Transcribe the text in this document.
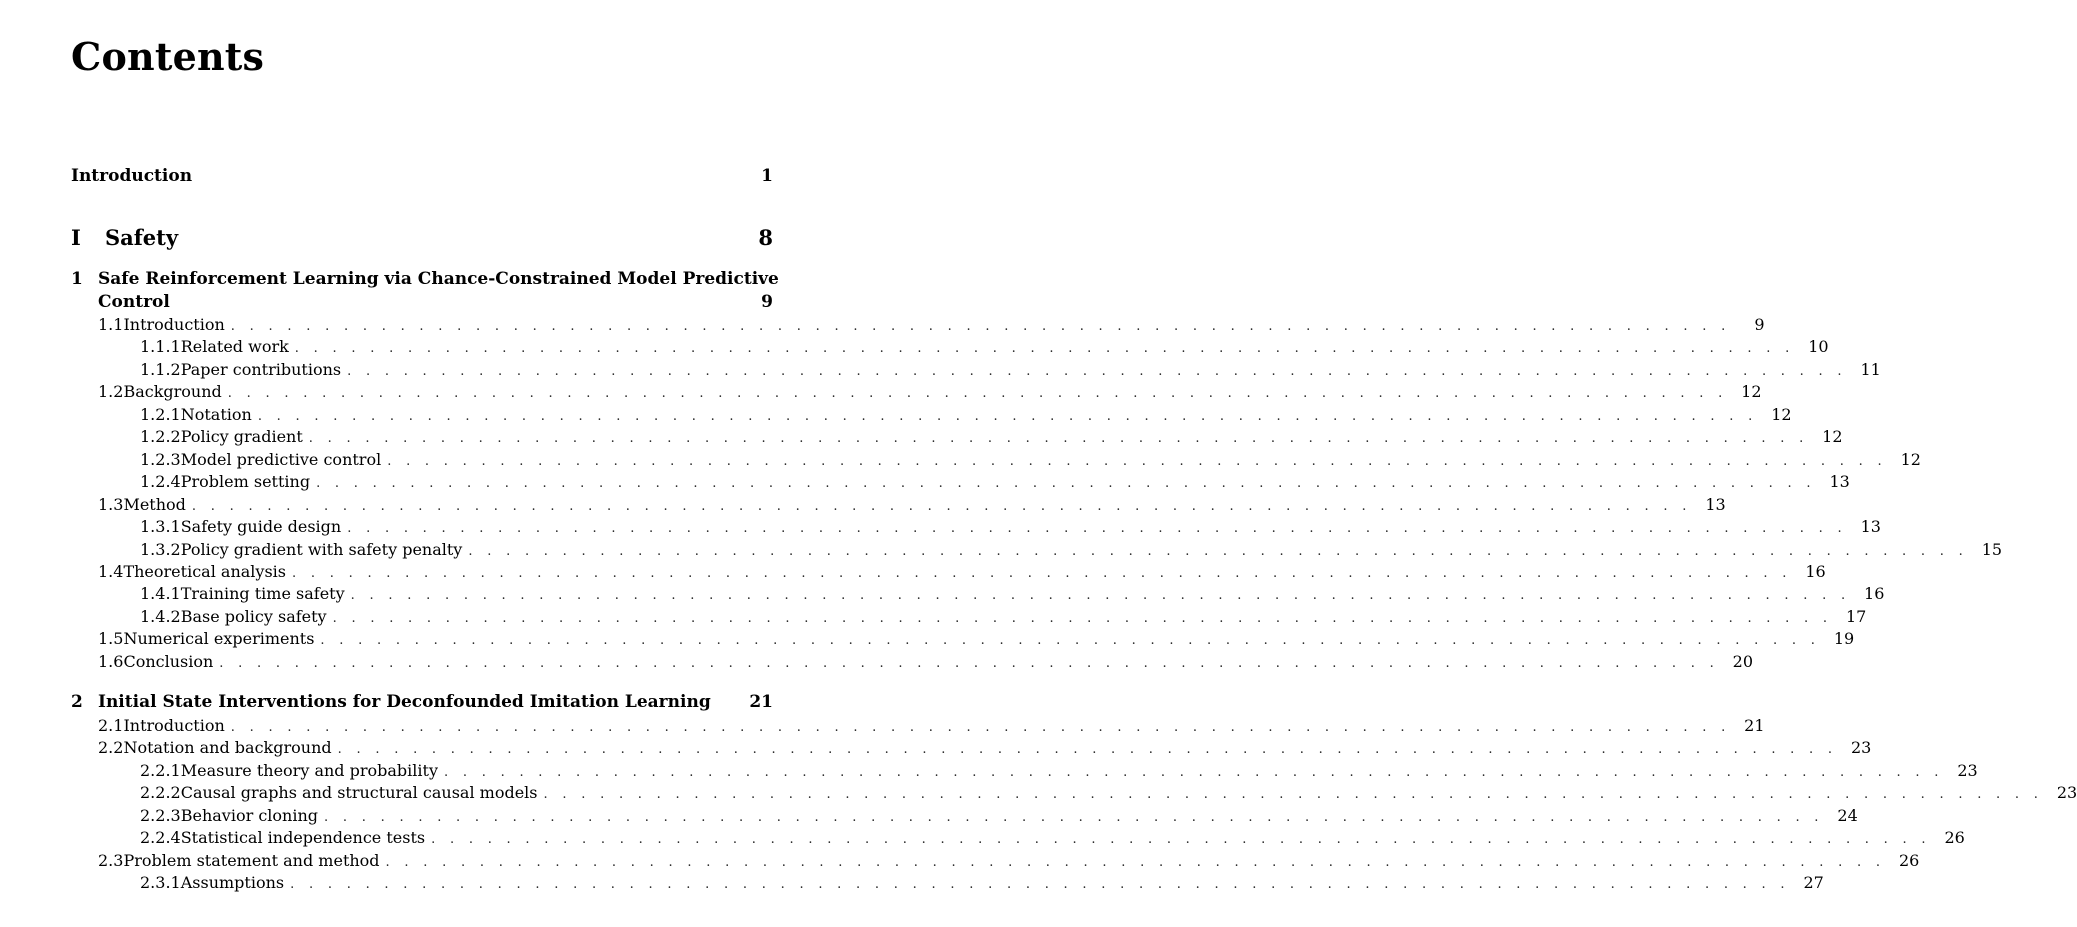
Contents
Introduction	1
I	Safety	8
1 Safe Reinforcement Learning via Chance-Constrained Model Predictive
Control	9
1.1 Introduction . . . . . . . . . . . . . . . . . . . . . . . . . . . . . . . . . . . . . . . . . . . . . . . . . . . . . . . . . . . . . . . . . . . . . . . . . . . . . . . .	9
1.1.1 Related work . . . . . . . . . . . . . . . . . . . . . . . . . . . . . . . . . . . . . . . . . . . . . . . . . . . . . . . . . . . . . . . . . . . . . . . . . . . . . . . . 10
1.1.2 Paper contributions . . . . . . . . . . . . . . . . . . . . . . . . . . . . . . . . . . . . . . . . . . . . . . . . . . . . . . . . . . . . . . . . . . . . . . . . . . . . . . . . 11
1.2 Background . . . . . . . . . . . . . . . . . . . . . . . . . . . . . . . . . . . . . . . . . . . . . . . . . . . . . . . . . . . . . . . . . . . . . . . . . . . . . . . . 12
1.2.1 Notation . . . . . . . . . . . . . . . . . . . . . . . . . . . . . . . . . . . . . . . . . . . . . . . . . . . . . . . . . . . . . . . . . . . . . . . . . . . . . . . . 12
1.2.2 Policy gradient . . . . . . . . . . . . . . . . . . . . . . . . . . . . . . . . . . . . . . . . . . . . . . . . . . . . . . . . . . . . . . . . . . . . . . . . . . . . . . . . 12
1.2.3 Model predictive control . . . . . . . . . . . . . . . . . . . . . . . . . . . . . . . . . . . . . . . . . . . . . . . . . . . . . . . . . . . . . . . . . . . . . . . . . . . . . . . . 12
1.2.4 Problem setting . . . . . . . . . . . . . . . . . . . . . . . . . . . . . . . . . . . . . . . . . . . . . . . . . . . . . . . . . . . . . . . . . . . . . . . . . . . . . . . . 13
1.3 Method . . . . . . . . . . . . . . . . . . . . . . . . . . . . . . . . . . . . . . . . . . . . . . . . . . . . . . . . . . . . . . . . . . . . . . . . . . . . . . . . 13
1.3.1 Safety guide design . . . . . . . . . . . . . . . . . . . . . . . . . . . . . . . . . . . . . . . . . . . . . . . . . . . . . . . . . . . . . . . . . . . . . . . . . . . . . . . . 13
1.3.2 Policy gradient with safety penalty . . . . . . . . . . . . . . . . . . . . . . . . . . . . . . . . . . . . . . . . . . . . . . . . . . . . . . . . . . . . . . . . . . . . . . . . . . . . . . . . 15
1.4 Theoretical analysis . . . . . . . . . . . . . . . . . . . . . . . . . . . . . . . . . . . . . . . . . . . . . . . . . . . . . . . . . . . . . . . . . . . . . . . . . . . . . . . . 16
1.4.1 Training time safety . . . . . . . . . . . . . . . . . . . . . . . . . . . . . . . . . . . . . . . . . . . . . . . . . . . . . . . . . . . . . . . . . . . . . . . . . . . . . . . . 16
1.4.2 Base policy safety . . . . . . . . . . . . . . . . . . . . . . . . . . . . . . . . . . . . . . . . . . . . . . . . . . . . . . . . . . . . . . . . . . . . . . . . . . . . . . . . 17
1.5 Numerical experiments . . . . . . . . . . . . . . . . . . . . . . . . . . . . . . . . . . . . . . . . . . . . . . . . . . . . . . . . . . . . . . . . . . . . . . . . . . . . . . . . 19
1.6 Conclusion . . . . . . . . . . . . . . . . . . . . . . . . . . . . . . . . . . . . . . . . . . . . . . . . . . . . . . . . . . . . . . . . . . . . . . . . . . . . . . . . 20
2 Initial State Interventions for Deconfounded Imitation Learning 21
2.1 Introduction . . . . . . . . . . . . . . . . . . . . . . . . . . . . . . . . . . . . . . . . . . . . . . . . . . . . . . . . . . . . . . . . . . . . . . . . . . . . . . . . 21
2.2 Notation and background . . . . . . . . . . . . . . . . . . . . . . . . . . . . . . . . . . . . . . . . . . . . . . . . . . . . . . . . . . . . . . . . . . . . . . . . . . . . . . . . 23
2.2.1 Measure theory and probability . . . . . . . . . . . . . . . . . . . . . . . . . . . . . . . . . . . . . . . . . . . . . . . . . . . . . . . . . . . . . . . . . . . . . . . . . . . . . . . . 23
2.2.2 Causal graphs and structural causal models . . . . . . . . . . . . . . . . . . . . . . . . . . . . . . . . . . . . . . . . . . . . . . . . . . . . . . . . . . . . . . . . . . . . . . . . . . . . . . . . 23
2.2.3 Behavior cloning . . . . . . . . . . . . . . . . . . . . . . . . . . . . . . . . . . . . . . . . . . . . . . . . . . . . . . . . . . . . . . . . . . . . . . . . . . . . . . . . 24
2.2.4 Statistical independence tests . . . . . . . . . . . . . . . . . . . . . . . . . . . . . . . . . . . . . . . . . . . . . . . . . . . . . . . . . . . . . . . . . . . . . . . . . . . . . . . . 26
2.3 Problem statement and method . . . . . . . . . . . . . . . . . . . . . . . . . . . . . . . . . . . . . . . . . . . . . . . . . . . . . . . . . . . . . . . . . . . . . . . . . . . . . . . . 26
2.3.1 Assumptions . . . . . . . . . . . . . . . . . . . . . . . . . . . . . . . . . . . . . . . . . . . . . . . . . . . . . . . . . . . . . . . . . . . . . . . . . . . . . . . . 27
